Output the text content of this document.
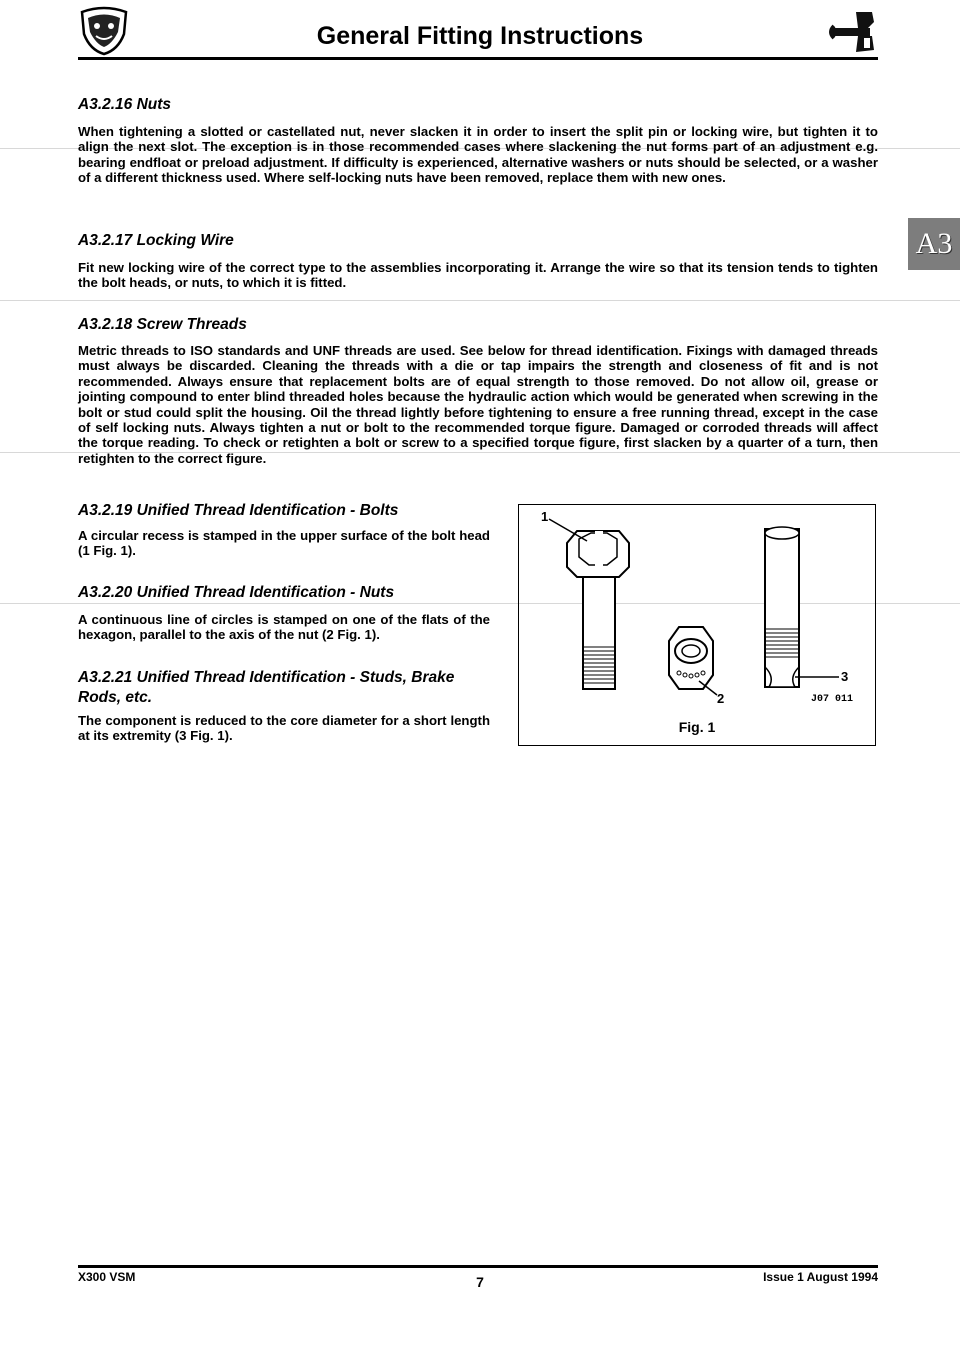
General Fitting Instructions
A3
A3.2.16 Nuts
When tightening a slotted or castellated nut, never slacken it in order to insert the split pin or locking wire, but tighten it to align the next slot. The exception is in those recommended cases where slackening the nut forms part of an adjustment e.g. bearing endfloat or preload adjustment. If difficulty is experienced, alternative washers or nuts should be selected, or a washer of a different thickness used. Where self-locking nuts have been removed, replace them with new ones.
A3.2.17 Locking Wire
Fit new locking wire of the correct type to the assemblies incorporating it. Arrange the wire so that its tension tends to tighten the bolt heads, or nuts, to which it is fitted.
A3.2.18 Screw Threads
Metric threads to ISO standards and UNF threads are used. See below for thread identification. Fixings with damaged threads must always be discarded. Cleaning the threads with a die or tap impairs the strength and closeness of fit and is not recommended. Always ensure that replacement bolts are of equal strength to those removed. Do not allow oil, grease or jointing compound to enter blind threaded holes because the hydraulic action which would be generated when screwing in the bolt or stud could split the housing. Oil the thread lightly before tightening to ensure a free running thread, except in the case of self locking nuts. Always tighten a nut or bolt to the recommended torque figure. Damaged or corroded threads will affect the torque reading. To check or retighten a bolt or screw to a specified torque figure, first slacken by a quarter of a turn, then retighten to the correct figure.
A3.2.19 Unified Thread Identification - Bolts
A circular recess is stamped in the upper surface of the bolt head (1 Fig. 1).
A3.2.20 Unified Thread Identification - Nuts
A continuous line of circles is stamped on one of the flats of the hexagon, parallel to the axis of the nut (2 Fig. 1).
A3.2.21 Unified Thread Identification - Studs, Brake Rods, etc.
The component is reduced to the core diameter for a short length at its extremity (3 Fig. 1).
1
2
3
J07 011
Fig. 1
X300 VSM	7	Issue 1 August 1994
